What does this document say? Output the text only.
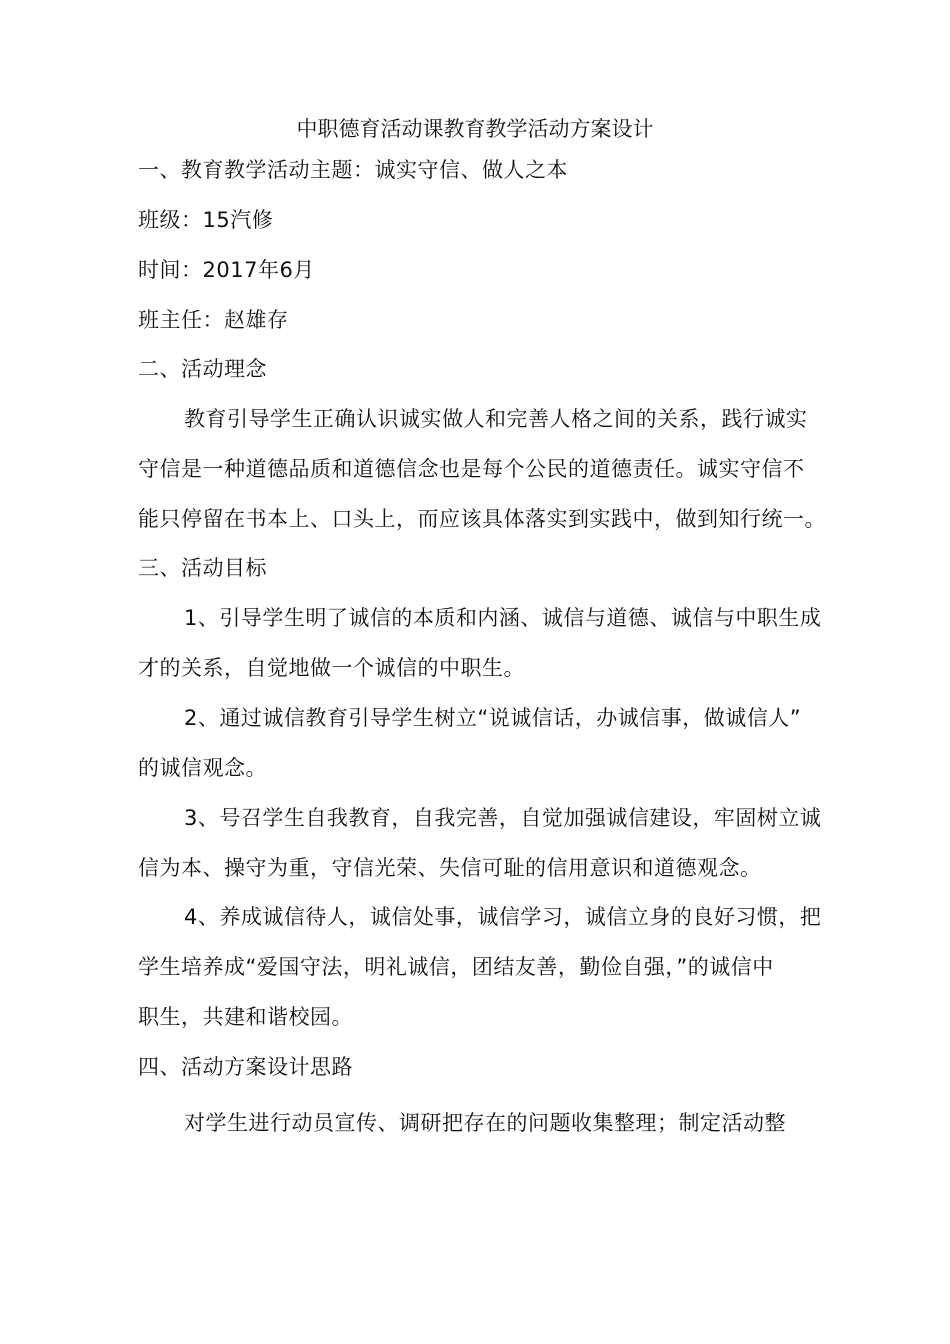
中职德育活动课教育教学活动方案设计
一、教育教学活动主题：诚实守信、做人之本
班级：15汽修
时间：2017年6月
班主任：赵雄存
二、活动理念
教育引导学生正确认识诚实做人和完善人格之间的关系，践行诚实
守信是一种道德品质和道德信念也是每个公民的道德责任。诚实守信不
能只停留在书本上、口头上，而应该具体落实到实践中，做到知行统一。
三、活动目标
1、引导学生明了诚信的本质和内涵、诚信与道德、诚信与中职生成
才的关系，自觉地做一个诚信的中职生。
2、通过诚信教育引导学生树立“说诚信话，办诚信事，做诚信人”
的诚信观念。
3、号召学生自我教育，自我完善，自觉加强诚信建设，牢固树立诚
信为本、操守为重，守信光荣、失信可耻的信用意识和道德观念。
4、养成诚信待人，诚信处事，诚信学习，诚信立身的良好习惯，把
学生培养成“爱国守法，明礼诚信，团结友善，勤俭自强，”的诚信中
职生，共建和谐校园。
四、活动方案设计思路
对学生进行动员宣传、调研把存在的问题收集整理；制定活动整
